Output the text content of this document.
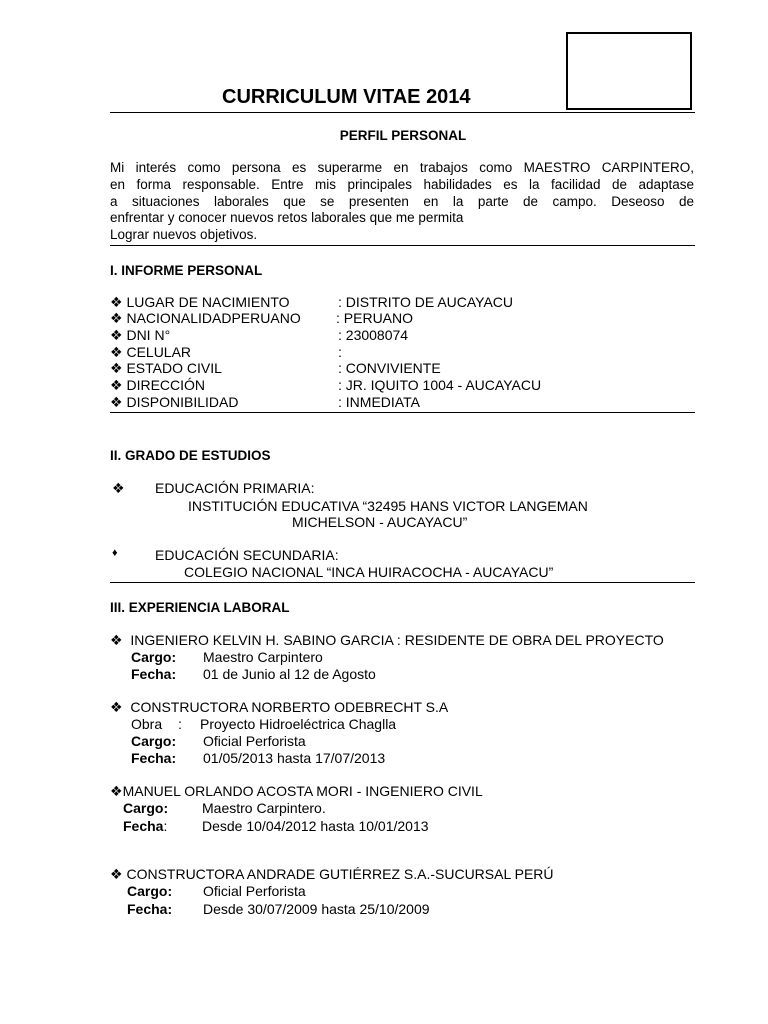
CURRICULUM VITAE 2014
PERFIL PERSONAL
Mi interés como persona es superarme en trabajos como MAESTRO CARPINTERO,
en forma responsable. Entre mis principales habilidades es la facilidad de adaptase
a situaciones laborales que se presenten en la parte de campo. Deseoso de
enfrentar y conocer nuevos retos laborales que me permita
Lograr nuevos objetivos.
I. INFORME PERSONAL
❖ LUGAR DE NACIMIENTO	: DISTRITO DE AUCAYACU
❖ NACIONALIDADPERUANO	: PERUANO
❖ DNI N°	: 23008074
❖ CELULAR	:
❖ ESTADO CIVIL	: CONVIVIENTE
❖ DIRECCIÓN	: JR. IQUITO 1004 - AUCAYACU
❖ DISPONIBILIDAD	: INMEDIATA
II. GRADO DE ESTUDIOS
❖ EDUCACIÓN PRIMARIA:
INSTITUCIÓN EDUCATIVA “32495 HANS VICTOR LANGEMAN
MICHELSON - AUCAYACU”
♦	EDUCACIÓN SECUNDARIA:
COLEGIO NACIONAL “INCA HUIRACOCHA - AUCAYACU”
III. EXPERIENCIA LABORAL
❖ INGENIERO KELVIN H. SABINO GARCIA : RESIDENTE DE OBRA DEL PROYECTO
Cargo: Maestro Carpintero
Fecha: 01 de Junio al 12 de Agosto
❖ CONSTRUCTORA NORBERTO ODEBRECHT S.A
Obra : Proyecto Hidroeléctrica Chaglla
Cargo: Oficial Perforista
Fecha: 01/05/2013 hasta 17/07/2013
❖MANUEL ORLANDO ACOSTA MORI - INGENIERO CIVIL
Cargo: Maestro Carpintero.
Fecha: Desde 10/04/2012 hasta 10/01/2013
❖ CONSTRUCTORA ANDRADE GUTIÉRREZ S.A.-SUCURSAL PERÚ
Cargo: Oficial Perforista
Fecha: Desde 30/07/2009 hasta 25/10/2009
